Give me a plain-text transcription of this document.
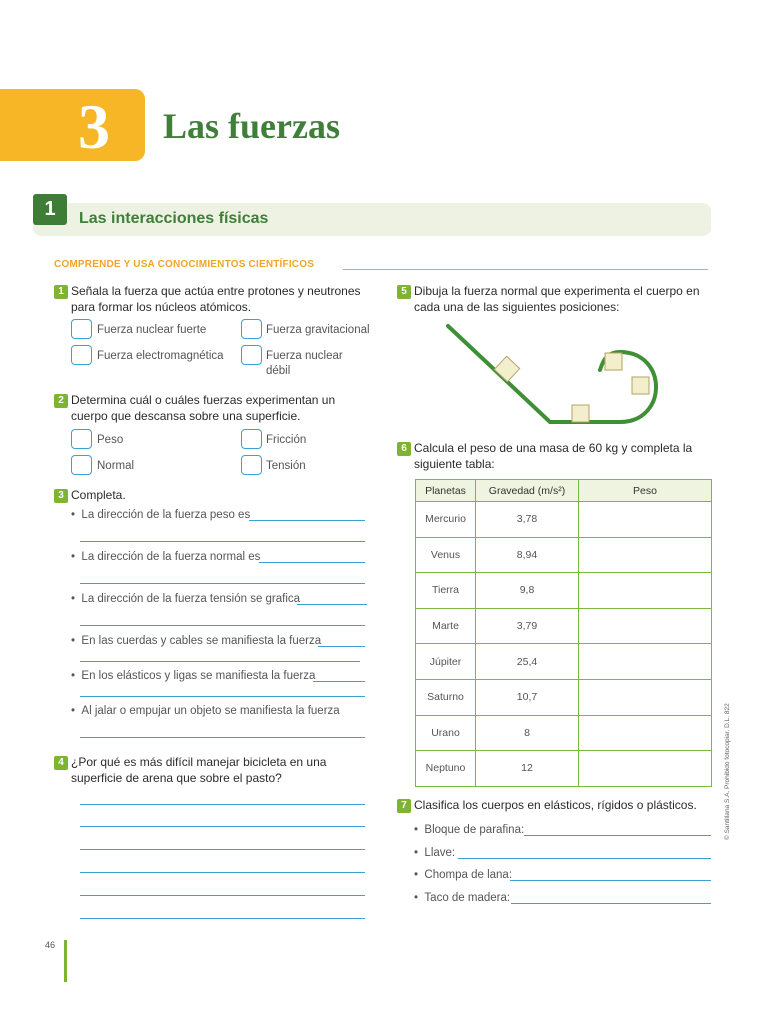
3 Las fuerzas
1	Las interacciones físicas
COMPRENDE Y USA CONOCIMIENTOS CIENTÍFICOS
1 Señala la fuerza que actúa entre protones y neutrones
para formar los núcleos atómicos.
Fuerza nuclear fuerte	Fuerza gravitacional
Fuerza electromagnética	Fuerza nuclear
débil
2 Determina cuál o cuáles fuerzas experimentan un
cuerpo que descansa sobre una superficie.
Peso	Fricción
Normal	Tensión
3 Completa.
•  La dirección de la fuerza peso es
•  La dirección de la fuerza normal es
•  La dirección de la fuerza tensión se grafica
•  En las cuerdas y cables se manifiesta la fuerza
•  En los elásticos y ligas se manifiesta la fuerza
•  Al jalar o empujar un objeto se manifiesta la fuerza
4 ¿Por qué es más difícil manejar bicicleta en una
superficie de arena que sobre el pasto?
5 Dibuja la fuerza normal que experimenta el cuerpo en
cada una de las siguientes posiciones:
6 Calcula el peso de una masa de 60 kg y completa la
siguiente tabla:
Planetas	Gravedad (m/s²)	Peso
Mercurio	3,78	
Venus	8,94	
Tierra	9,8	
Marte	3,79	
Júpiter	25,4	
Saturno	10,7	
Urano	8	
Neptuno	12	
7 Clasifica los cuerpos en elásticos, rígidos o plásticos.
•  Bloque de parafina:
•  Llave:
•  Chompa de lana:
•  Taco de madera:
46
© Santillana S.A. Prohibido fotocopiar. D.L. 822
